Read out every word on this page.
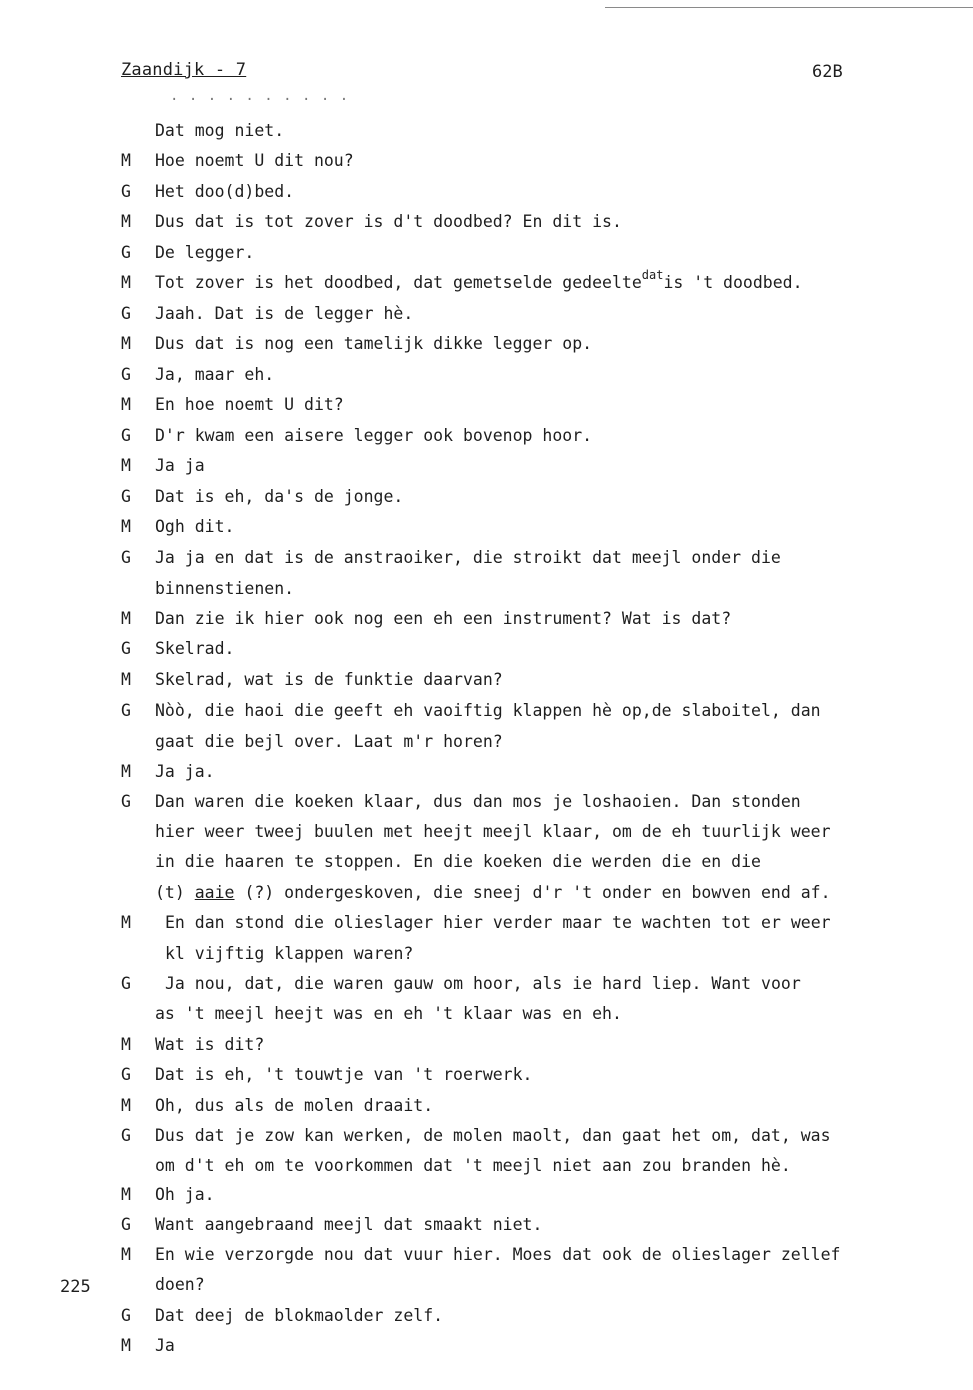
Zaandijk - 7	62B
. . . . . . . . . .
225
Dat mog niet.
M Hoe noemt U dit nou?
G Het doo(d)bed.
M Dus dat is tot zover is d't doodbed? En dit is.
G De legger.
M Tot zover is het doodbed, dat gemetselde gedeelte$^{dat}$is 't doodbed.
G Jaah. Dat is de legger hè.
M Dus dat is nog een tamelijk dikke legger op.
G Ja, maar eh.
M En hoe noemt U dit?
G D'r kwam een aisere legger ook bovenop hoor.
M Ja ja
G Dat is eh, da's de jonge.
M Ogh dit.
G Ja ja en dat is de anstraoiker, die stroikt dat meejl onder die
binnenstienen.
M Dan zie ik hier ook nog een eh een instrument? Wat is dat?
G Skelrad.
M Skelrad, wat is de funktie daarvan?
G Nòò, die haoi die geeft eh vaoiftig klappen hè op,de slaboitel, dan
gaat die bejl over. Laat m'r horen?
M Ja ja.
G Dan waren die koeken klaar, dus dan mos je loshaoien. Dan stonden
hier weer tweej buulen met heejt meejl klaar, om de eh tuurlijk weer
in die haaren te stoppen. En die koeken die werden die en die
(t) aaie (?) ondergeskoven, die sneej d'r 't onder en bowven end af.
M En dan stond die olieslager hier verder maar te wachten tot er weer
kl vijftig klappen waren?
G Ja nou, dat, die waren gauw om hoor, als ie hard liep. Want voor
as 't meejl heejt was en eh 't klaar was en eh.
M Wat is dit?
G Dat is eh, 't touwtje van 't roerwerk.
M Oh, dus als de molen draait.
G Dus dat je zow kan werken, de molen maolt, dan gaat het om, dat, was
om d't eh om te voorkommen dat 't meejl niet aan zou branden hè.
M Oh ja.
G Want aangebraand meejl dat smaakt niet.
M En wie verzorgde nou dat vuur hier. Moes dat ook de olieslager zellef
doen?
G Dat deej de blokmaolder zelf.
M Ja
